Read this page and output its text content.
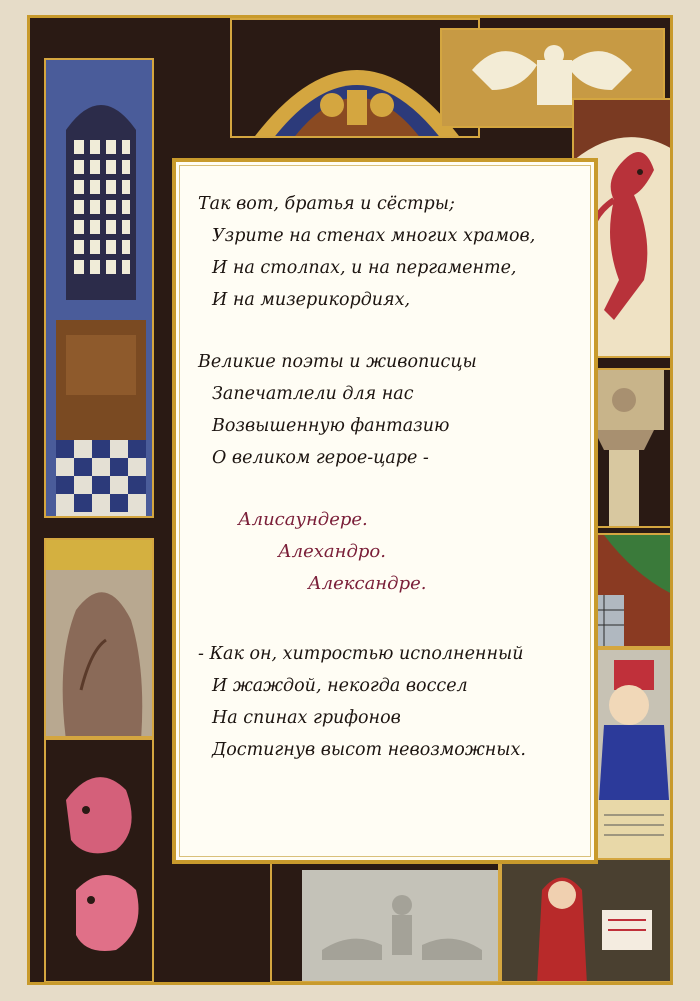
Так вот, братья и сёстры;
Узрите на стенах многих храмов,
И на столпах, и на пергаменте,
И на мизерикордиях,
Великие поэты и живописцы
Запечатлели для нас
Возвышенную фантазию
О великом герое-царе -
Алисаундере.
Алехандро.
Александре.
- Как он, хитростью исполненный
И жаждой, некогда воссел
На спинах грифонов
Достигнув высот невозможных.
